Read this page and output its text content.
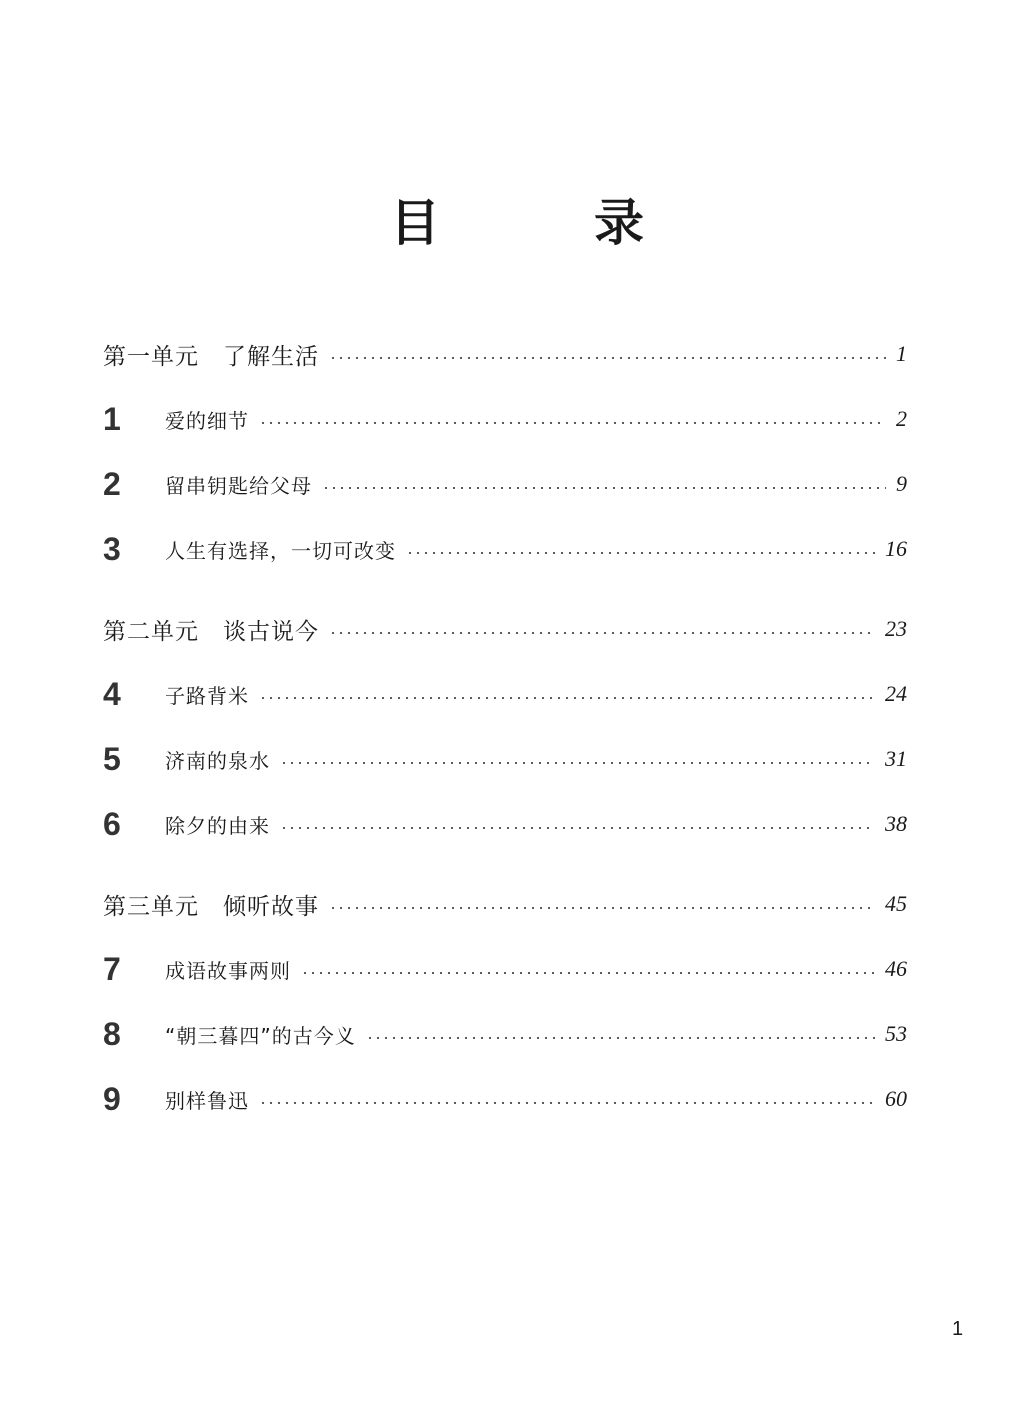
目　录
第一单元 了解生活	1
1	爱的细节	2
2	留串钥匙给父母	9
3	人生有选择，一切可改变	16
第二单元 谈古说今	23
4	子路背米	24
5	济南的泉水	31
6	除夕的由来	38
第三单元 倾听故事	45
7	成语故事两则	46
8	“朝三暮四”的古今义	53
9	别样鲁迅	60
1
